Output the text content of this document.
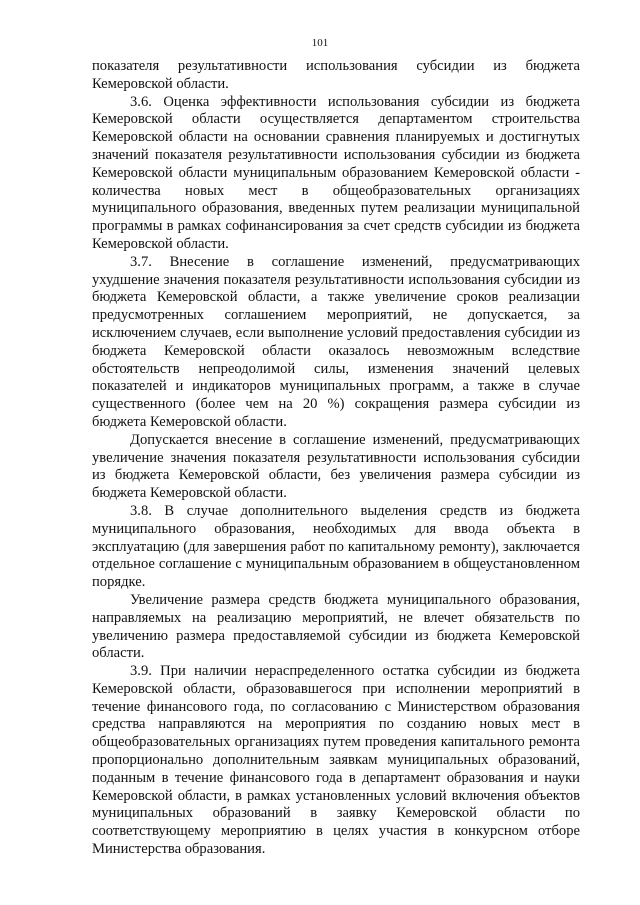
101

показателя результативности использования субсидии из бюджета Кемеровской области.

3.6. Оценка эффективности использования субсидии из бюджета Кемеровской области осуществляется департаментом строительства Кемеровской области на основании сравнения планируемых и достигнутых значений показателя результативности использования субсидии из бюджета Кемеровской области муниципальным образованием Кемеровской области - количества новых мест в общеобразовательных организациях муниципального образования, введенных путем реализации муниципальной программы в рамках софинансирования за счет средств субсидии из бюджета Кемеровской области.

3.7. Внесение в соглашение изменений, предусматривающих ухудшение значения показателя результативности использования субсидии из бюджета Кемеровской области, а также увеличение сроков реализации предусмотренных соглашением мероприятий, не допускается, за исключением случаев, если выполнение условий предоставления субсидии из бюджета Кемеровской области оказалось невозможным вследствие обстоятельств непреодолимой силы, изменения значений целевых показателей и индикаторов муниципальных программ, а также в случае существенного (более чем на 20 %) сокращения размера субсидии из бюджета Кемеровской области.

Допускается внесение в соглашение изменений, предусматривающих увеличение значения показателя результативности использования субсидии из бюджета Кемеровской области, без увеличения размера субсидии из бюджета Кемеровской области.

3.8. В случае дополнительного выделения средств из бюджета муниципального образования, необходимых для ввода объекта в эксплуатацию (для завершения работ по капитальному ремонту), заключается отдельное соглашение с муниципальным образованием в общеустановленном порядке.

Увеличение размера средств бюджета муниципального образования, направляемых на реализацию мероприятий, не влечет обязательств по увеличению размера предоставляемой субсидии из бюджета Кемеровской области.

3.9. При наличии нераспределенного остатка субсидии из бюджета Кемеровской области, образовавшегося при исполнении мероприятий в течение финансового года, по согласованию с Министерством образования средства направляются на мероприятия по созданию новых мест в общеобразовательных организациях путем проведения капитального ремонта пропорционально дополнительным заявкам муниципальных образований, поданным в течение финансового года в департамент образования и науки Кемеровской области, в рамках установленных условий включения объектов муниципальных образований в заявку Кемеровской области по соответствующему мероприятию в целях участия в конкурсном отборе Министерства образования.
